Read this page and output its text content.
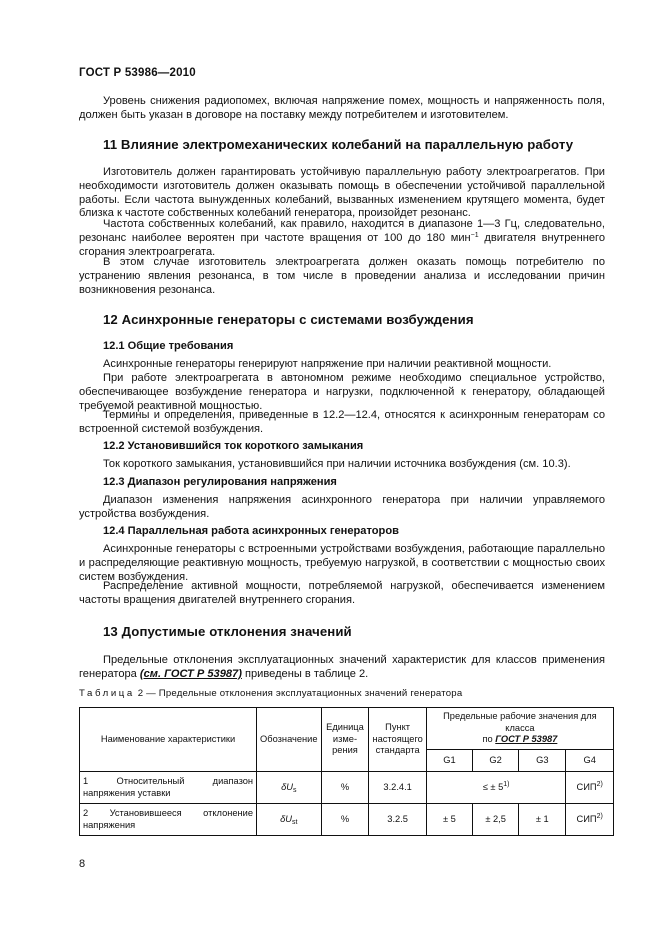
ГОСТ Р 53986—2010

Уровень снижения радиопомех, включая напряжение помех, мощность и напряженность поля, должен быть указан в договоре на поставку между потребителем и изготовителем.

11 Влияние электромеханических колебаний на параллельную работу

Изготовитель должен гарантировать устойчивую параллельную работу электроагрегатов. При необходимости изготовитель должен оказывать помощь в обеспечении устойчивой параллельной работы. Если частота вынужденных колебаний, вызванных изменением крутящего момента, будет близка к частоте собственных колебаний генератора, произойдет резонанс.

Частота собственных колебаний, как правило, находится в диапазоне 1—3 Гц, следовательно, резонанс наиболее вероятен при частоте вращения от 100 до 180 мин$^{-1}$ двигателя внутреннего сгорания электроагрегата.

В этом случае изготовитель электроагрегата должен оказать помощь потребителю по устранению явления резонанса, в том числе в проведении анализа и исследовании причин возникновения резонанса.

12 Асинхронные генераторы с системами возбуждения
12.1 Общие требования

Асинхронные генераторы генерируют напряжение при наличии реактивной мощности.

При работе электроагрегата в автономном режиме необходимо специальное устройство, обеспечивающее возбуждение генератора и нагрузки, подключенной к генератору, обладающей требуемой реактивной мощностью.

Термины и определения, приведенные в 12.2—12.4, относятся к асинхронным генераторам со встроенной системой возбуждения.

12.2 Установившийся ток короткого замыкания

Ток короткого замыкания, установившийся при наличии источника возбуждения (см. 10.3).

12.3 Диапазон регулирования напряжения

Диапазон изменения напряжения асинхронного генератора при наличии управляемого устройства возбуждения.

12.4 Параллельная работа асинхронных генераторов

Асинхронные генераторы с встроенными устройствами возбуждения, работающие параллельно и распределяющие реактивную мощность, требуемую нагрузкой, в соответствии с мощностью своих систем возбуждения.

Распределение активной мощности, потребляемой нагрузкой, обеспечивается изменением частоты вращения двигателей внутреннего сгорания.

13 Допустимые отклонения значений

Предельные отклонения эксплуатационных значений характеристик для классов применения генератора (см. ГОСТ Р 53987) приведены в таблице 2.

Таблица 2 — Предельные отклонения эксплуатационных значений генератора
Наименование характеристики	Обозначение	Единица изме-рения	Пункт настоящего стандарта	Предельные рабочие значения для класса
по ГОСТ Р 53987			
				G1	G2	G3	G4
1 Относительный диапазон напряжения уставки	$\delta U_s$	%	3.2.4.1	≤ ± $5^{1)}$			СИП$^{2)}$
2 Установившееся отклонение напряжения	$\delta U_{st}$	%	3.2.5	± 5	± 2,5	± 1	СИП$^{2)}$
8
